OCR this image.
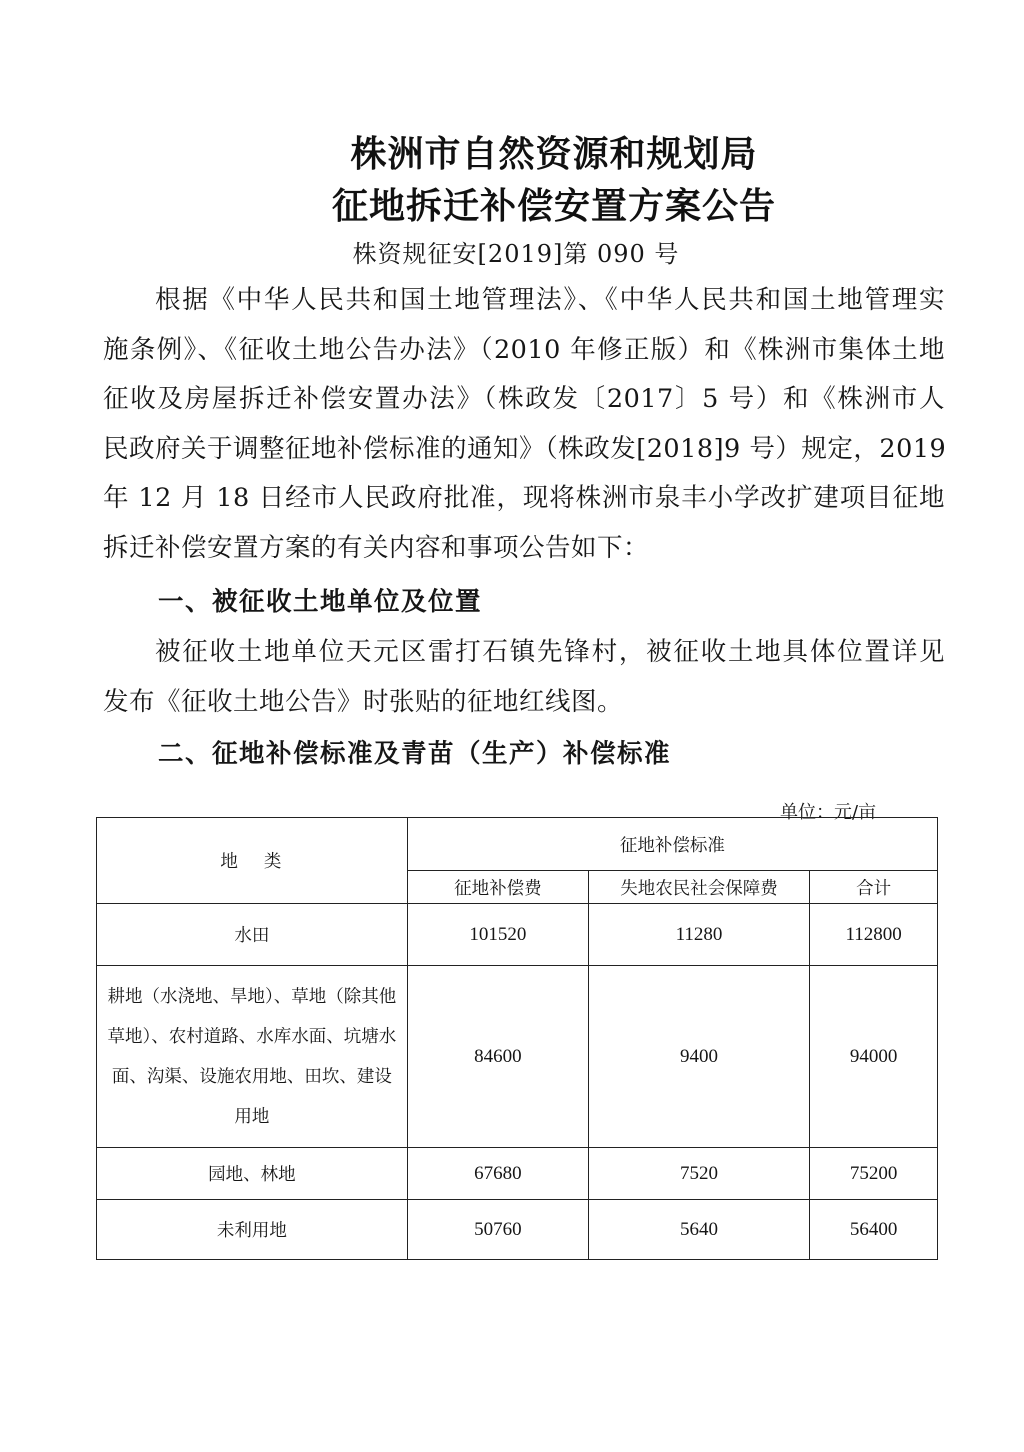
株洲市自然资源和规划局
征地拆迁补偿安置方案公告
株资规征安[2019]第 090 号
根据《中华人民共和国土地管理法》、《中华人民共和国土地管理实
施条例》、《征收土地公告办法》（2010 年修正版）和《株洲市集体土地
征收及房屋拆迁补偿安置办法》（株政发〔2017〕5 号）和《株洲市人
民政府关于调整征地补偿标准的通知》（株政发[2018]9 号）规定，2019
年 12 月 18 日经市人民政府批准，现将株洲市泉丰小学改扩建项目征地
拆迁补偿安置方案的有关内容和事项公告如下：
一、被征收土地单位及位置
被征收土地单位天元区雷打石镇先锋村，被征收土地具体位置详见
发布《征收土地公告》时张贴的征地红线图。
二、征地补偿标准及青苗（生产）补偿标准
单位：元/亩
地类	征地补偿标准		
	征地补偿费	失地农民社会保障费	合计
水田	101520	11280	112800
耕地（水浇地、旱地）、草地（除其他草地）、农村道路、水库水面、坑塘水面、沟渠、设施农用地、田坎、建设用地	84600	9400	94000
园地、林地	67680	7520	75200
未利用地	50760	5640	56400
